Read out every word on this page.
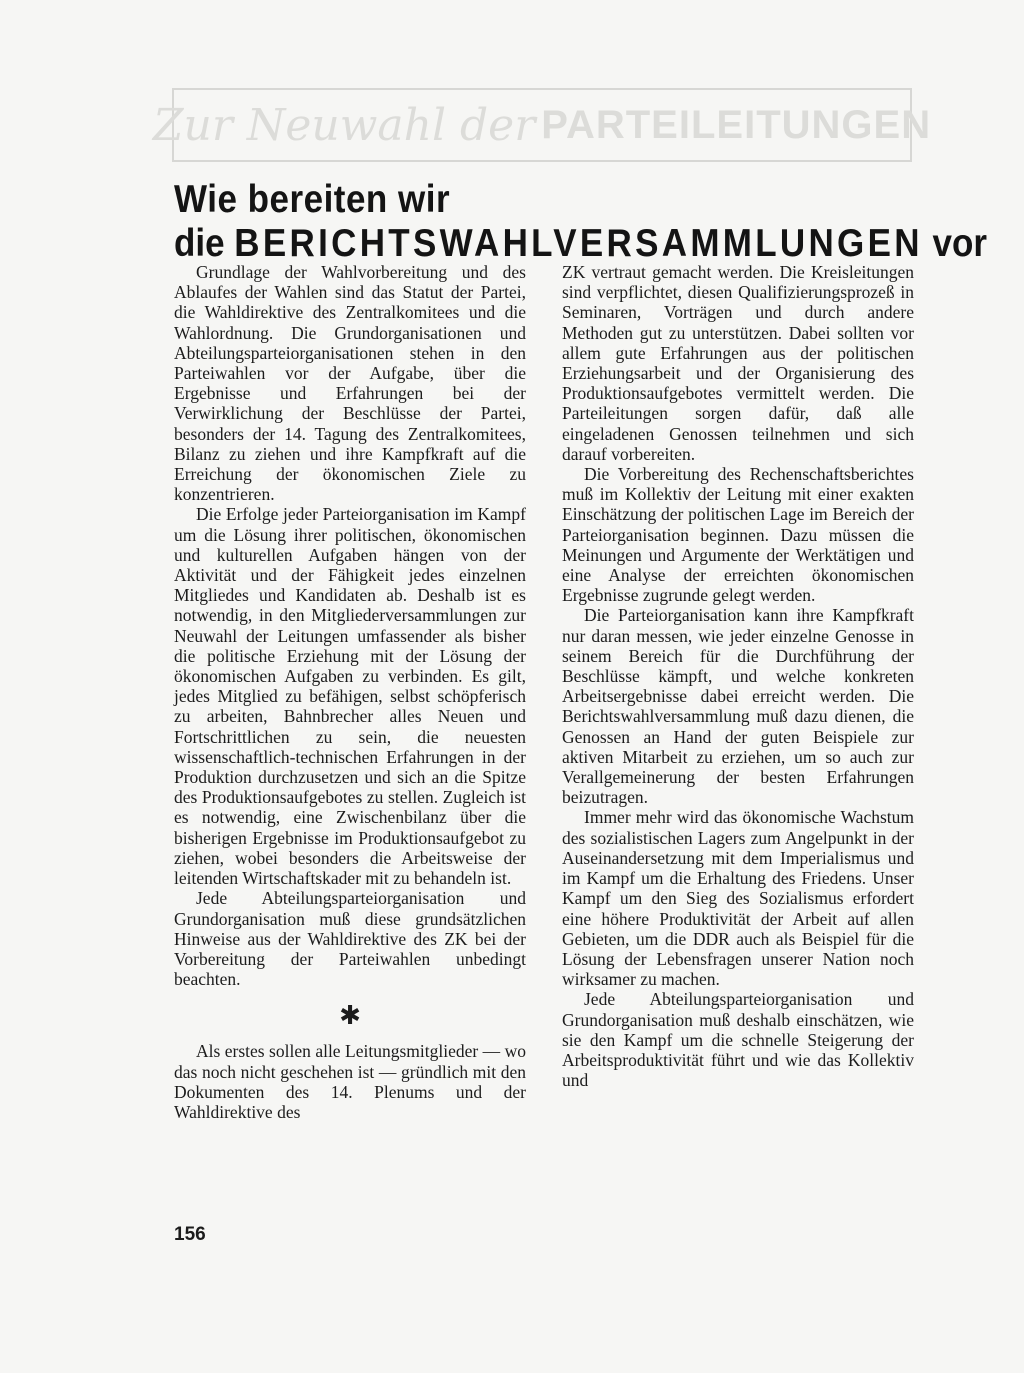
Zur Neuwahl der PARTEILEITUNGEN
Wie bereiten wir
die BERICHTSWAHLVERSAMMLUNGEN vor

Grundlage der Wahlvorbereitung und des Ablaufes der Wahlen sind das Statut der Partei, die Wahldirektive des Zentralkomitees und die Wahlordnung. Die Grundorganisationen und Abteilungsparteiorganisationen stehen in den Parteiwahlen vor der Aufgabe, über die Ergebnisse und Erfahrungen bei der Verwirklichung der Beschlüsse der Partei, besonders der 14. Tagung des Zentralkomitees, Bilanz zu ziehen und ihre Kampfkraft auf die Erreichung der ökonomischen Ziele zu konzentrieren.

Die Erfolge jeder Parteiorganisation im Kampf um die Lösung ihrer politischen, ökonomischen und kulturellen Aufgaben hängen von der Aktivität und der Fähigkeit jedes einzelnen Mitgliedes und Kandidaten ab. Deshalb ist es notwendig, in den Mitgliederversammlungen zur Neuwahl der Leitungen umfassender als bisher die politische Erziehung mit der Lösung der ökonomischen Aufgaben zu verbinden. Es gilt, jedes Mitglied zu befähigen, selbst schöpferisch zu arbeiten, Bahnbrecher alles Neuen und Fortschrittlichen zu sein, die neuesten wissenschaftlich-technischen Erfahrungen in der Produktion durchzusetzen und sich an die Spitze des Produktionsaufgebotes zu stellen. Zugleich ist es notwendig, eine Zwischenbilanz über die bisherigen Ergebnisse im Produktionsaufgebot zu ziehen, wobei besonders die Arbeitsweise der leitenden Wirtschaftskader mit zu behandeln ist.

Jede Abteilungsparteiorganisation und Grundorganisation muß diese grundsätzlichen Hinweise aus der Wahldirektive des ZK bei der Vorbereitung der Parteiwahlen unbedingt beachten.

✱

Als erstes sollen alle Leitungsmitglieder — wo das noch nicht geschehen ist — gründlich mit den Dokumenten des 14. Plenums und der Wahldirektive des

ZK vertraut gemacht werden. Die Kreisleitungen sind verpflichtet, diesen Qualifizierungsprozeß in Seminaren, Vorträgen und durch andere Methoden gut zu unterstützen. Dabei sollten vor allem gute Erfahrungen aus der politischen Erziehungsarbeit und der Organisierung des Produktionsaufgebotes vermittelt werden. Die Parteileitungen sorgen dafür, daß alle eingeladenen Genossen teilnehmen und sich darauf vorbereiten.

Die Vorbereitung des Rechenschaftsberichtes muß im Kollektiv der Leitung mit einer exakten Einschätzung der politischen Lage im Bereich der Parteiorganisation beginnen. Dazu müssen die Meinungen und Argumente der Werktätigen und eine Analyse der erreichten ökonomischen Ergebnisse zugrunde gelegt werden.

Die Parteiorganisation kann ihre Kampfkraft nur daran messen, wie jeder einzelne Genosse in seinem Bereich für die Durchführung der Beschlüsse kämpft, und welche konkreten Arbeitsergebnisse dabei erreicht werden. Die Berichtswahlversammlung muß dazu dienen, die Genossen an Hand der guten Beispiele zur aktiven Mitarbeit zu erziehen, um so auch zur Verallgemeinerung der besten Erfahrungen beizutragen.

Immer mehr wird das ökonomische Wachstum des sozialistischen Lagers zum Angelpunkt in der Auseinandersetzung mit dem Imperialismus und im Kampf um die Erhaltung des Friedens. Unser Kampf um den Sieg des Sozialismus erfordert eine höhere Produktivität der Arbeit auf allen Gebieten, um die DDR auch als Beispiel für die Lösung der Lebensfragen unserer Nation noch wirksamer zu machen.

Jede Abteilungsparteiorganisation und Grundorganisation muß deshalb einschätzen, wie sie den Kampf um die schnelle Steigerung der Arbeitsproduktivität führt und wie das Kollektiv und

156
